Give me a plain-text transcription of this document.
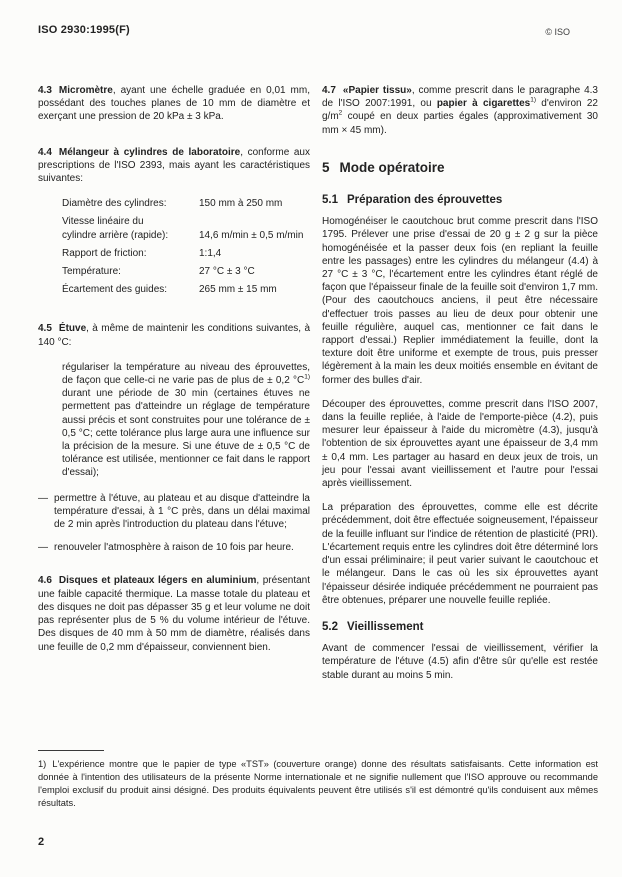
ISO 2930:1995(F)	© ISO

4.3 Micromètre, ayant une échelle graduée en 0,01 mm, possédant des touches planes de 10 mm de diamètre et exerçant une pression de 20 kPa ± 3 kPa.

4.4 Mélangeur à cylindres de laboratoire, conforme aux prescriptions de l'ISO 2393, mais ayant les caractéristiques suivantes:

Diamètre des cylindres:	150 mm à 250 mm
Vitesse linéaire du cylindre arrière (rapide):	14,6 m/min ± 0,5 m/min
Rapport de friction:	1:1,4
Température:	27 °C ± 3 °C
Écartement des guides:	265 mm ± 15 mm

4.5 Étuve, à même de maintenir les conditions suivantes, à 140 °C:

régulariser la température au niveau des éprouvettes, de façon que celle-ci ne varie pas de plus de ± 0,2 °C$^{1)}$ durant une période de 30 min (certaines étuves ne permettent pas d'atteindre un réglage de température aussi précis et sont construites pour une tolérance de ± 0,5 °C; cette tolérance plus large aura une influence sur la précision de la mesure. Si une étuve de ± 0,5 °C de tolérance est utilisée, mentionner ce fait dans le rapport d'essai);

— permettre à l'étuve, au plateau et au disque d'atteindre la température d'essai, à 1 °C près, dans un délai maximal de 2 min après l'introduction du plateau dans l'étuve;
— renouveler l'atmosphère à raison de 10 fois par heure.

4.6 Disques et plateaux légers en aluminium, présentant une faible capacité thermique. La masse totale du plateau et des disques ne doit pas dépasser 35 g et leur volume ne doit pas représenter plus de 5 % du volume intérieur de l'étuve. Des disques de 40 mm à 50 mm de diamètre, réalisés dans une feuille de 0,2 mm d'épaisseur, conviennent bien.

4.7 «Papier tissu», comme prescrit dans le paragraphe 4.3 de l'ISO 2007:1991, ou papier à cigarettes$^{1)}$ d'environ 22 g/m$^2$ coupé en deux parties égales (approximativement 30 mm × 45 mm).

5 Mode opératoire
5.1 Préparation des éprouvettes

Homogénéiser le caoutchouc brut comme prescrit dans l'ISO 1795. Prélever une prise d'essai de 20 g ± 2 g sur la pièce homogénéisée et la passer deux fois (en repliant la feuille entre les passages) entre les cylindres du mélangeur (4.4) à 27 °C ± 3 °C, l'écartement entre les cylindres étant réglé de façon que l'épaisseur finale de la feuille soit d'environ 1,7 mm. (Pour des caoutchoucs anciens, il peut être nécessaire d'effectuer trois passes au lieu de deux pour obtenir une feuille régulière, auquel cas, mentionner ce fait dans le rapport d'essai.) Replier immédiatement la feuille, dont la texture doit être uniforme et exempte de trous, puis presser légèrement à la main les deux moitiés ensemble en évitant de former des bulles d'air.

Découper des éprouvettes, comme prescrit dans l'ISO 2007, dans la feuille repliée, à l'aide de l'emporte-pièce (4.2), puis mesurer leur épaisseur à l'aide du micromètre (4.3), jusqu'à l'obtention de six éprouvettes ayant une épaisseur de 3,4 mm ± 0,4 mm. Les partager au hasard en deux jeux de trois, un jeu pour l'essai avant vieillissement et l'autre pour l'essai après vieillissement.

La préparation des éprouvettes, comme elle est décrite précédemment, doit être effectuée soigneusement, l'épaisseur de la feuille influant sur l'indice de rétention de plasticité (PRI). L'écartement requis entre les cylindres doit être déterminé lors d'un essai préliminaire; il peut varier suivant le caoutchouc et le mélangeur. Dans le cas où les six éprouvettes ayant l'épaisseur désirée indiquée précédemment ne pourraient pas être obtenues, préparer une nouvelle feuille repliée.

5.2 Vieillissement

Avant de commencer l'essai de vieillissement, vérifier la température de l'étuve (4.5) afin d'être sûr qu'elle est restée stable durant au moins 5 min.

1) L'expérience montre que le papier de type «TST» (couverture orange) donne des résultats satisfaisants. Cette information est donnée à l'intention des utilisateurs de la présente Norme internationale et ne signifie nullement que l'ISO approuve ou recommande l'emploi exclusif du produit ainsi désigné. Des produits équivalents peuvent être utilisés s'il est démontré qu'ils conduisent aux mêmes résultats.

2
